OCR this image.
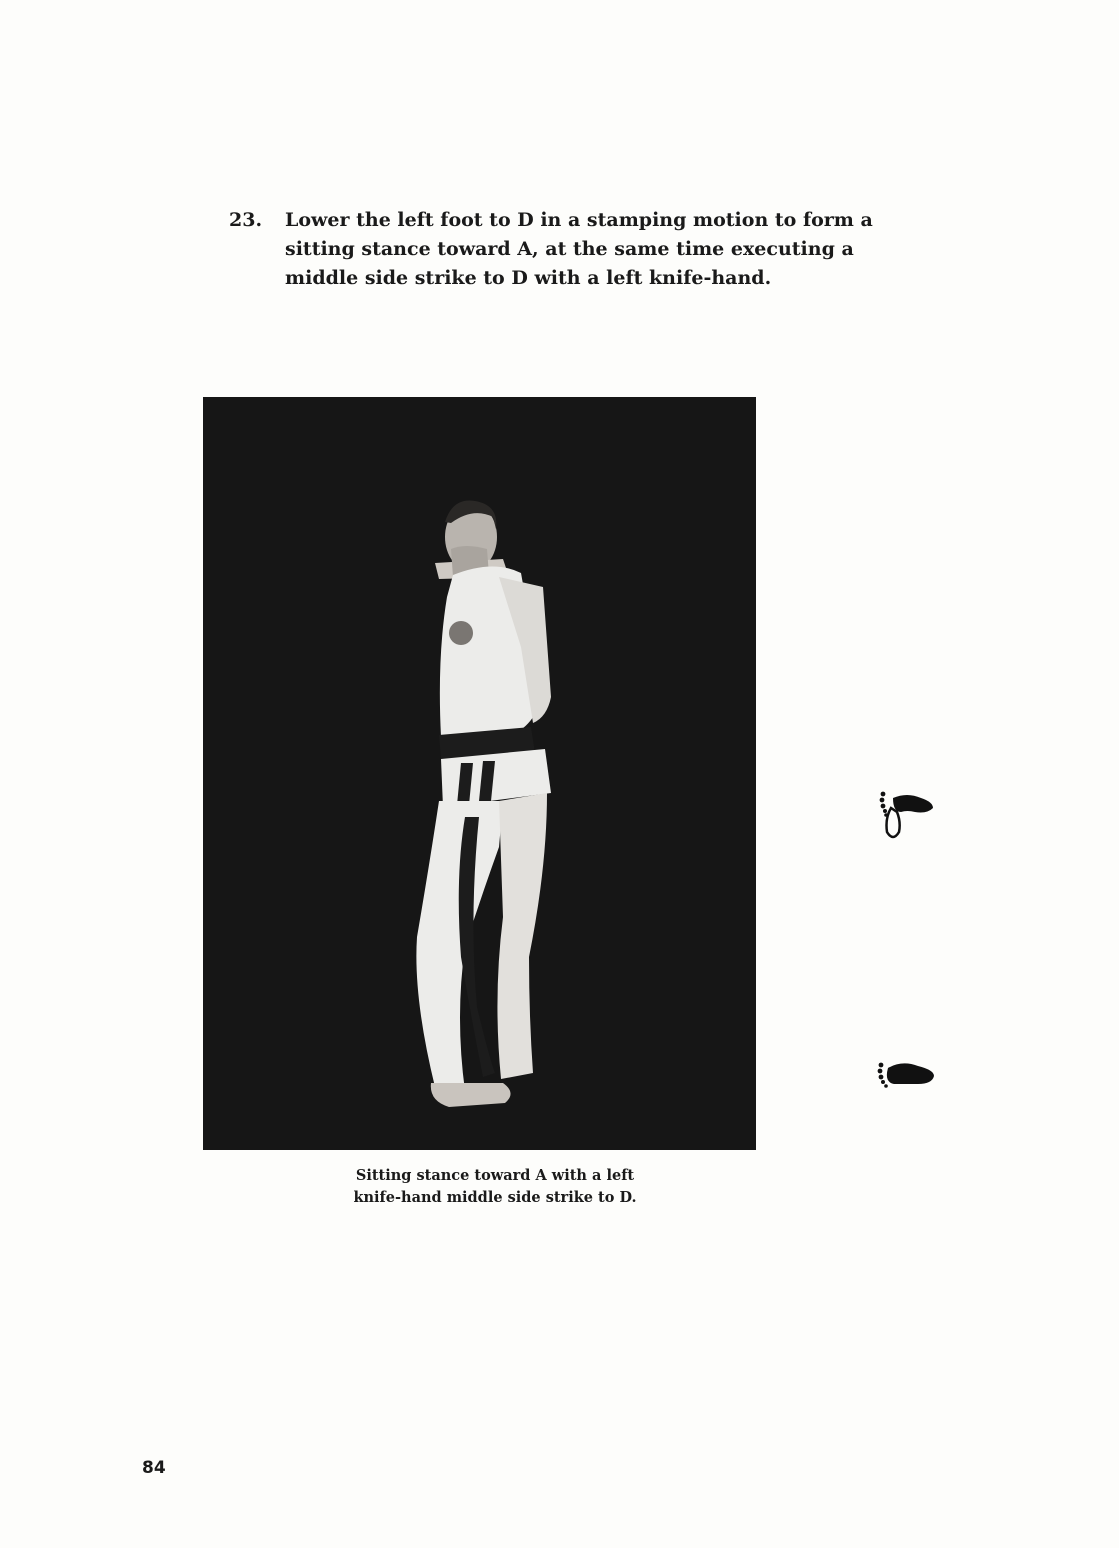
23. Lower the left foot to D in a stamping motion to form a sitting stance toward A, at the same time executing a middle side strike to D with a left knife-hand.
Sitting stance toward A with a left
knife-hand middle side strike to D.
84
